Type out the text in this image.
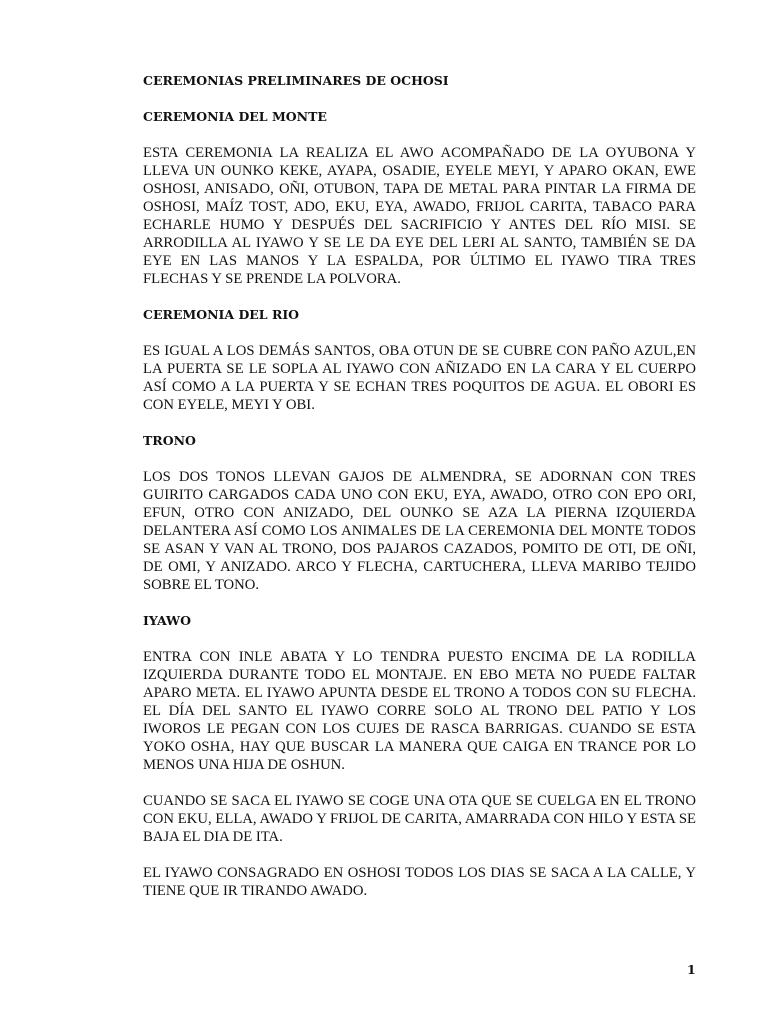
CEREMONIAS PRELIMINARES DE OCHOSI
CEREMONIA DEL MONTE

ESTA CEREMONIA LA REALIZA EL AWO ACOMPAÑADO DE LA OYUBONA Y LLEVA UN OUNKO KEKE, AYAPA, OSADIE, EYELE MEYI, Y APARO OKAN, EWE OSHOSI, ANISADO, OÑI, OTUBON, TAPA DE METAL PARA PINTAR LA FIRMA DE OSHOSI, MAÍZ TOST, ADO, EKU, EYA, AWADO, FRIJOL CARITA, TABACO PARA ECHARLE HUMO Y DESPUÉS DEL SACRIFICIO Y ANTES DEL RÍO MISI. SE ARRODILLA AL IYAWO Y SE LE DA EYE DEL LERI AL SANTO, TAMBIÉN SE DA EYE EN LAS MANOS Y LA ESPALDA, POR ÚLTIMO EL IYAWO TIRA TRES FLECHAS Y SE PRENDE LA POLVORA.

CEREMONIA DEL RIO

ES IGUAL A LOS DEMÁS SANTOS, OBA OTUN DE SE CUBRE CON PAÑO AZUL,EN LA PUERTA SE LE SOPLA AL IYAWO CON AÑIZADO EN LA CARA Y EL CUERPO ASÍ COMO A LA PUERTA Y SE ECHAN TRES POQUITOS DE AGUA. EL OBORI ES CON EYELE, MEYI Y OBI.

TRONO

LOS DOS TONOS LLEVAN GAJOS DE ALMENDRA, SE ADORNAN CON TRES GUIRITO CARGADOS CADA UNO CON EKU, EYA, AWADO, OTRO CON EPO ORI, EFUN, OTRO CON ANIZADO, DEL OUNKO SE AZA LA PIERNA IZQUIERDA DELANTERA ASÍ COMO LOS ANIMALES DE LA CEREMONIA DEL MONTE TODOS SE ASAN Y VAN AL TRONO, DOS PAJAROS CAZADOS, POMITO DE OTI, DE OÑI, DE OMI, Y ANIZADO. ARCO Y FLECHA, CARTUCHERA, LLEVA MARIBO TEJIDO SOBRE EL TONO.

IYAWO

ENTRA CON INLE ABATA Y LO TENDRA PUESTO ENCIMA DE LA RODILLA IZQUIERDA DURANTE TODO EL MONTAJE. EN EBO META NO PUEDE FALTAR APARO META. EL IYAWO APUNTA DESDE EL TRONO A TODOS CON SU FLECHA. EL DÍA DEL SANTO EL IYAWO CORRE SOLO AL TRONO DEL PATIO Y LOS IWOROS LE PEGAN CON LOS CUJES DE RASCA BARRIGAS. CUANDO SE ESTA YOKO OSHA, HAY QUE BUSCAR LA MANERA QUE CAIGA EN TRANCE POR LO MENOS UNA HIJA DE OSHUN.

CUANDO SE SACA EL IYAWO SE COGE UNA OTA QUE SE CUELGA EN EL TRONO CON EKU, ELLA, AWADO Y FRIJOL DE CARITA, AMARRADA CON HILO Y ESTA SE BAJA EL DIA DE ITA.

EL IYAWO CONSAGRADO EN OSHOSI TODOS LOS DIAS SE SACA A LA CALLE, Y TIENE QUE IR TIRANDO AWADO.

1
